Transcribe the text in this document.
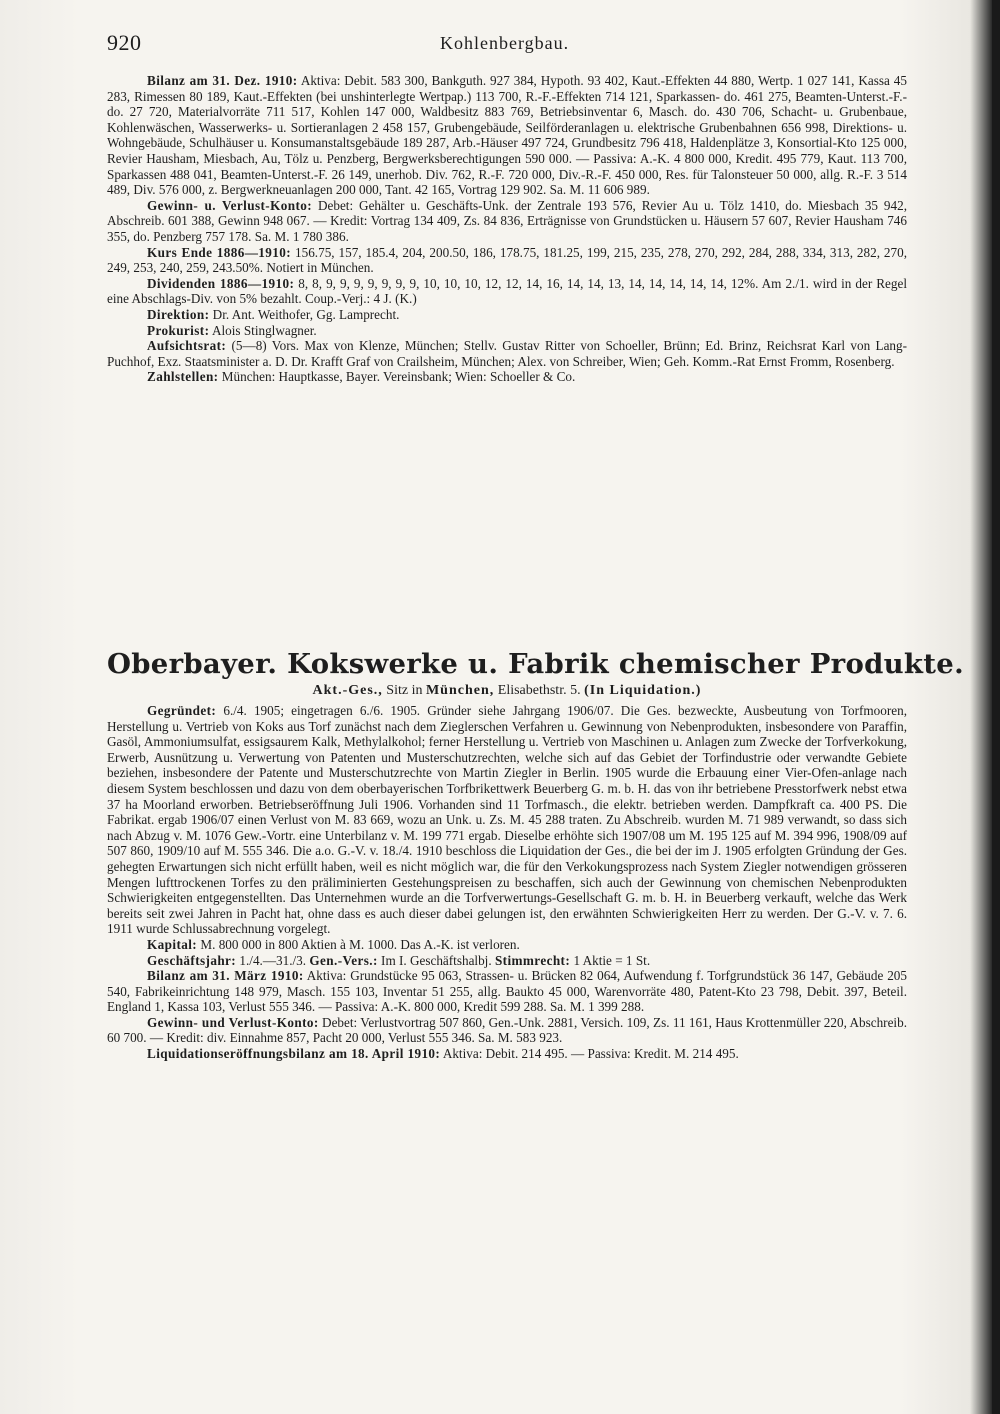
920	Kohlenbergbau.

Bilanz am 31. Dez. 1910: Aktiva: Debit. 583 300, Bankguth. 927 384, Hypoth. 93 402, Kaut.-Effekten 44 880, Wertp. 1 027 141, Kassa 45 283, Rimessen 80 189, Kaut.-Effekten (bei unshinterlegte Wertpap.) 113 700, R.-F.-Effekten 714 121, Sparkassen- do. 461 275, Beamten-Unterst.-F.- do. 27 720, Materialvorräte 711 517, Kohlen 147 000, Waldbesitz 883 769, Betriebsinventar 6, Masch. do. 430 706, Schacht- u. Grubenbaue, Kohlenwäschen, Wasserwerks- u. Sortieranlagen 2 458 157, Grubengebäude, Seilförderanlagen u. elektrische Grubenbahnen 656 998, Direktions- u. Wohngebäude, Schulhäuser u. Konsumanstaltsgebäude 189 287, Arb.-Häuser 497 724, Grundbesitz 796 418, Haldenplätze 3, Konsortial-Kto 125 000, Revier Hausham, Miesbach, Au, Tölz u. Penzberg, Bergwerksberechtigungen 590 000. — Passiva: A.-K. 4 800 000, Kredit. 495 779, Kaut. 113 700, Sparkassen 488 041, Beamten-Unterst.-F. 26 149, unerhob. Div. 762, R.-F. 720 000, Div.-R.-F. 450 000, Res. für Talonsteuer 50 000, allg. R.-F. 3 514 489, Div. 576 000, z. Bergwerkneuanlagen 200 000, Tant. 42 165, Vortrag 129 902. Sa. M. 11 606 989.

Gewinn- u. Verlust-Konto: Debet: Gehälter u. Geschäfts-Unk. der Zentrale 193 576, Revier Au u. Tölz 1410, do. Miesbach 35 942, Abschreib. 601 388, Gewinn 948 067. — Kredit: Vortrag 134 409, Zs. 84 836, Erträgnisse von Grundstücken u. Häusern 57 607, Revier Hausham 746 355, do. Penzberg 757 178. Sa. M. 1 780 386.

Kurs Ende 1886—1910: 156.75, 157, 185.4, 204, 200.50, 186, 178.75, 181.25, 199, 215, 235, 278, 270, 292, 284, 288, 334, 313, 282, 270, 249, 253, 240, 259, 243.50%. Notiert in München.

Dividenden 1886—1910: 8, 8, 9, 9, 9, 9, 9, 9, 9, 10, 10, 10, 12, 12, 14, 16, 14, 14, 13, 14, 14, 14, 14, 14, 12%. Am 2./1. wird in der Regel eine Abschlags-Div. von 5% bezahlt. Coup.-Verj.: 4 J. (K.)

Direktion: Dr. Ant. Weithofer, Gg. Lamprecht.

Prokurist: Alois Stinglwagner.

Aufsichtsrat: (5—8) Vors. Max von Klenze, München; Stellv. Gustav Ritter von Schoeller, Brünn; Ed. Brinz, Reichsrat Karl von Lang-Puchhof, Exz. Staatsminister a. D. Dr. Krafft Graf von Crailsheim, München; Alex. von Schreiber, Wien; Geh. Komm.-Rat Ernst Fromm, Rosenberg.

Zahlstellen: München: Hauptkasse, Bayer. Vereinsbank; Wien: Schoeller & Co.

Oberbayer. Kokswerke u. Fabrik chemischer Produkte.
Akt.-Ges., Sitz in München, Elisabethstr. 5. (In Liquidation.)

Gegründet: 6./4. 1905; eingetragen 6./6. 1905. Gründer siehe Jahrgang 1906/07. Die Ges. bezweckte, Ausbeutung von Torfmooren, Herstellung u. Vertrieb von Koks aus Torf zunächst nach dem Zieglerschen Verfahren u. Gewinnung von Nebenprodukten, insbesondere von Paraffin, Gasöl, Ammoniumsulfat, essigsaurem Kalk, Methylalkohol; ferner Herstellung u. Vertrieb von Maschinen u. Anlagen zum Zwecke der Torfverkokung, Erwerb, Ausnützung u. Verwertung von Patenten und Musterschutzrechten, welche sich auf das Gebiet der Torfindustrie oder verwandte Gebiete beziehen, insbesondere der Patente und Musterschutzrechte von Martin Ziegler in Berlin. 1905 wurde die Erbauung einer Vier-Ofen-anlage nach diesem System beschlossen und dazu von dem oberbayerischen Torfbrikettwerk Beuerberg G. m. b. H. das von ihr betriebene Presstorfwerk nebst etwa 37 ha Moorland erworben. Betriebseröffnung Juli 1906. Vorhanden sind 11 Torfmasch., die elektr. betrieben werden. Dampfkraft ca. 400 PS. Die Fabrikat. ergab 1906/07 einen Verlust von M. 83 669, wozu an Unk. u. Zs. M. 45 288 traten. Zu Abschreib. wurden M. 71 989 verwandt, so dass sich nach Abzug v. M. 1076 Gew.-Vortr. eine Unterbilanz v. M. 199 771 ergab. Dieselbe erhöhte sich 1907/08 um M. 195 125 auf M. 394 996, 1908/09 auf 507 860, 1909/10 auf M. 555 346. Die a.o. G.-V. v. 18./4. 1910 beschloss die Liquidation der Ges., die bei der im J. 1905 erfolgten Gründung der Ges. gehegten Erwartungen sich nicht erfüllt haben, weil es nicht möglich war, die für den Verkokungsprozess nach System Ziegler notwendigen grösseren Mengen lufttrockenen Torfes zu den präliminierten Gestehungspreisen zu beschaffen, sich auch der Gewinnung von chemischen Nebenprodukten Schwierigkeiten entgegenstellten. Das Unternehmen wurde an die Torfverwertungs-Gesellschaft G. m. b. H. in Beuerberg verkauft, welche das Werk bereits seit zwei Jahren in Pacht hat, ohne dass es auch dieser dabei gelungen ist, den erwähnten Schwierigkeiten Herr zu werden. Der G.-V. v. 7. 6. 1911 wurde Schlussabrechnung vorgelegt.

Kapital: M. 800 000 in 800 Aktien à M. 1000. Das A.-K. ist verloren.

Geschäftsjahr: 1./4.—31./3. Gen.-Vers.: Im I. Geschäftshalbj. Stimmrecht: 1 Aktie = 1 St.

Bilanz am 31. März 1910: Aktiva: Grundstücke 95 063, Strassen- u. Brücken 82 064, Aufwendung f. Torfgrundstück 36 147, Gebäude 205 540, Fabrikeinrichtung 148 979, Masch. 155 103, Inventar 51 255, allg. Baukto 45 000, Warenvorräte 480, Patent-Kto 23 798, Debit. 397, Beteil. England 1, Kassa 103, Verlust 555 346. — Passiva: A.-K. 800 000, Kredit 599 288. Sa. M. 1 399 288.

Gewinn- und Verlust-Konto: Debet: Verlustvortrag 507 860, Gen.-Unk. 2881, Versich. 109, Zs. 11 161, Haus Krottenmüller 220, Abschreib. 60 700. — Kredit: div. Einnahme 857, Pacht 20 000, Verlust 555 346. Sa. M. 583 923.

Liquidationseröffnungsbilanz am 18. April 1910: Aktiva: Debit. 214 495. — Passiva: Kredit. M. 214 495.
